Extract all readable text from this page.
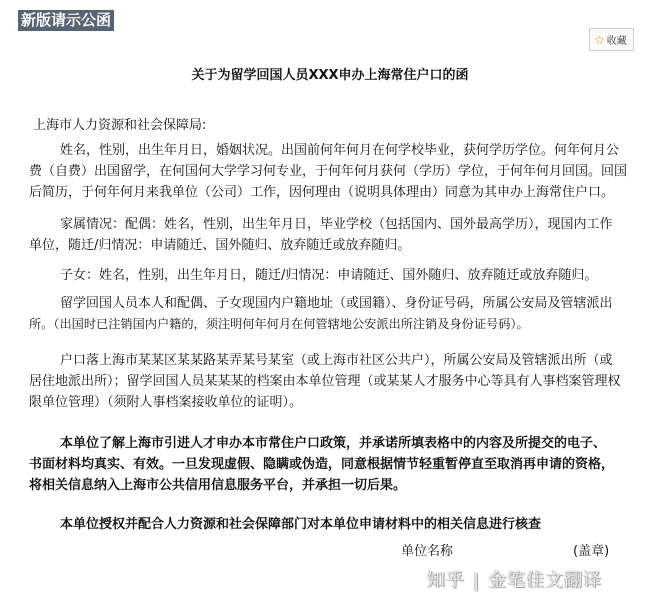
新版请示公函
☆ 收藏
关于为留学回国人员XXX申办上海常住户口的函
上海市人力资源和社会保障局:
姓名，性别，出生年月日，婚姻状况。出国前何年何月在何学校毕业，获何学历学位。何年何月公
费（自费）出国留学，在何国何大学学习何专业，于何年何月获何（学历）学位，于何年何月回国。回国
后简历，于何年何月来我单位（公司）工作，因何理由（说明具体理由）同意为其申办上海常住户口。
家属情况：配偶：姓名，性别，出生年月日，毕业学校（包括国内、国外最高学历），现国内工作
单位，随迁/归情况：申请随迁、国外随归、放弃随迁或放弃随归。
子女：姓名，性别，出生年月日，随迁/归情况：申请随迁、国外随归、放弃随迁或放弃随归。
留学回国人员本人和配偶、子女现国内户籍地址（或国籍）、身份证号码，所属公安局及管辖派出
所。（出国时已注销国内户籍的，须注明何年何月在何管辖地公安派出所注销及身份证号码）。
户口落上海市某某区某某路某弄某号某室（或上海市社区公共户），所属公安局及管辖派出所（或
居住地派出所）；留学回国人员某某某的档案由本单位管理（或某某人才服务中心等具有人事档案管理权
限单位管理）（须附人事档案接收单位的证明）。
本单位了解上海市引进人才申办本市常住户口政策，并承诺所填表格中的内容及所提交的电子、
书面材料均真实、有效。一旦发现虚假、隐瞒或伪造，同意根据情节轻重暂停直至取消再申请的资格，
将相关信息纳入上海市公共信用信息服务平台，并承担一切后果。
本单位授权并配合人力资源和社会保障部门对本单位申请材料中的相关信息进行核查
单位名称	(盖章)
知乎 | 金笔佳文翻译
